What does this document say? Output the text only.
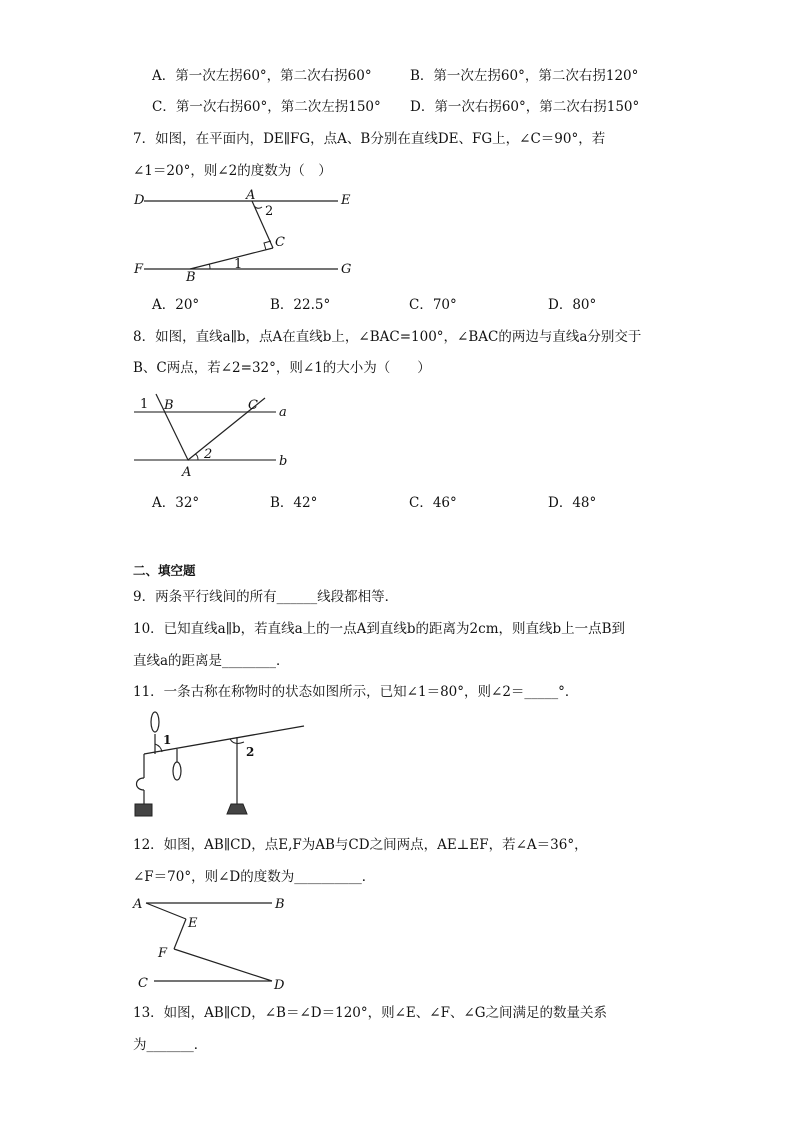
A．第一次左拐60°，第二次右拐60°	B．第一次左拐60°，第二次右拐120°
C．第一次右拐60°，第二次左拐150° D．第一次右拐60°，第二次右拐150°
7．如图，在平面内，DE∥FG，点A、B分别在直线DE、FG上，∠C＝90°，若
∠1＝20°，则∠2的度数为（　）
D	A	E
2
C
F
B
1	G
A．20°	B．22.5°	C．70°	D．80°
8．如图，直线a∥b，点A在直线b上，∠BAC=100°，∠BAC的两边与直线a分别交于
B、C两点，若∠2=32°，则∠1的大小为（　　）
1 B	C a
2
A
b
A．32°	B．42°	C．46°	D．48°
二、填空题
9．两条平行线间的所有______线段都相等．
10．已知直线a∥b，若直线a上的一点A到直线b的距离为2cm，则直线b上一点B到
直线a的距离是________．
11．一条古称在称物时的状态如图所示，已知∠1＝80°，则∠2＝_____°．
1
2
12．如图，AB∥CD，点E,F为AB与CD之间两点，AE⊥EF，若∠A＝36°，
∠F＝70°，则∠D的度数为__________．
A	B
E
F
C	D
13．如图，AB∥CD，∠B＝∠D＝120°，则∠E、∠F、∠G之间满足的数量关系
为_______．
